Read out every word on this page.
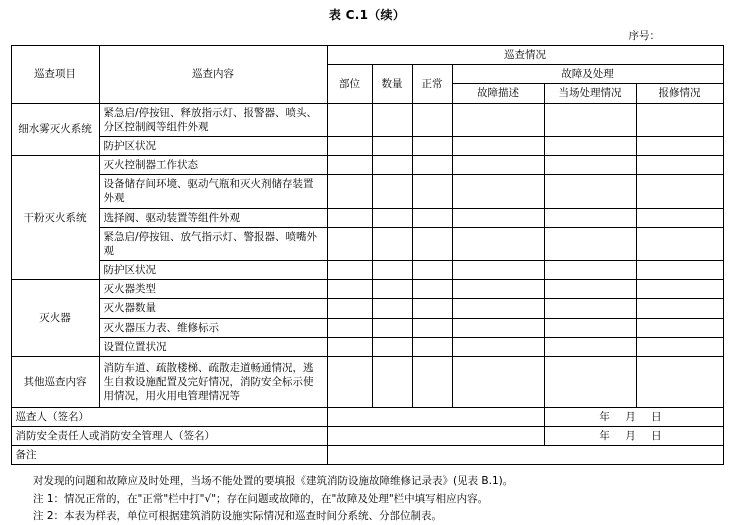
表 C.1（续）
序号：
巡查项目	巡查内容	巡查情况					
		部位	数量	正常	故障及处理		
					故障描述	当场处理情况	报修情况
细水雾灭火系统	紧急启/停按钮、释放指示灯、报警器、喷头、分区控制阀等组件外观						
	防护区状况						
干粉灭火系统	灭火控制器工作状态						
	设备储存间环境、驱动气瓶和灭火剂储存装置外观						
	选择阀、驱动装置等组件外观						
	紧急启/停按钮、放气指示灯、警报器、喷嘴外观						
	防护区状况						
灭火器	灭火器类型						
	灭火器数量						
	灭火器压力表、维修标示						
	设置位置状况						
其他巡查内容	消防车道、疏散楼梯、疏散走道畅通情况，逃生自救设施配置及完好情况，消防安全标示使用情况，用火用电管理情况等						
巡查人（签名）						年 月 日	
消防安全责任人或消防安全管理人（签名）						年 月 日	
备注							
对发现的问题和故障应及时处理，当场不能处置的要填报《建筑消防设施故障维修记录表》(见表 B.1)。
注 1：情况正常的，在"正常"栏中打"√"；存在问题或故障的，在"故障及处理"栏中填写相应内容。
注 2：本表为样表，单位可根据建筑消防设施实际情况和巡查时间分系统、分部位制表。
